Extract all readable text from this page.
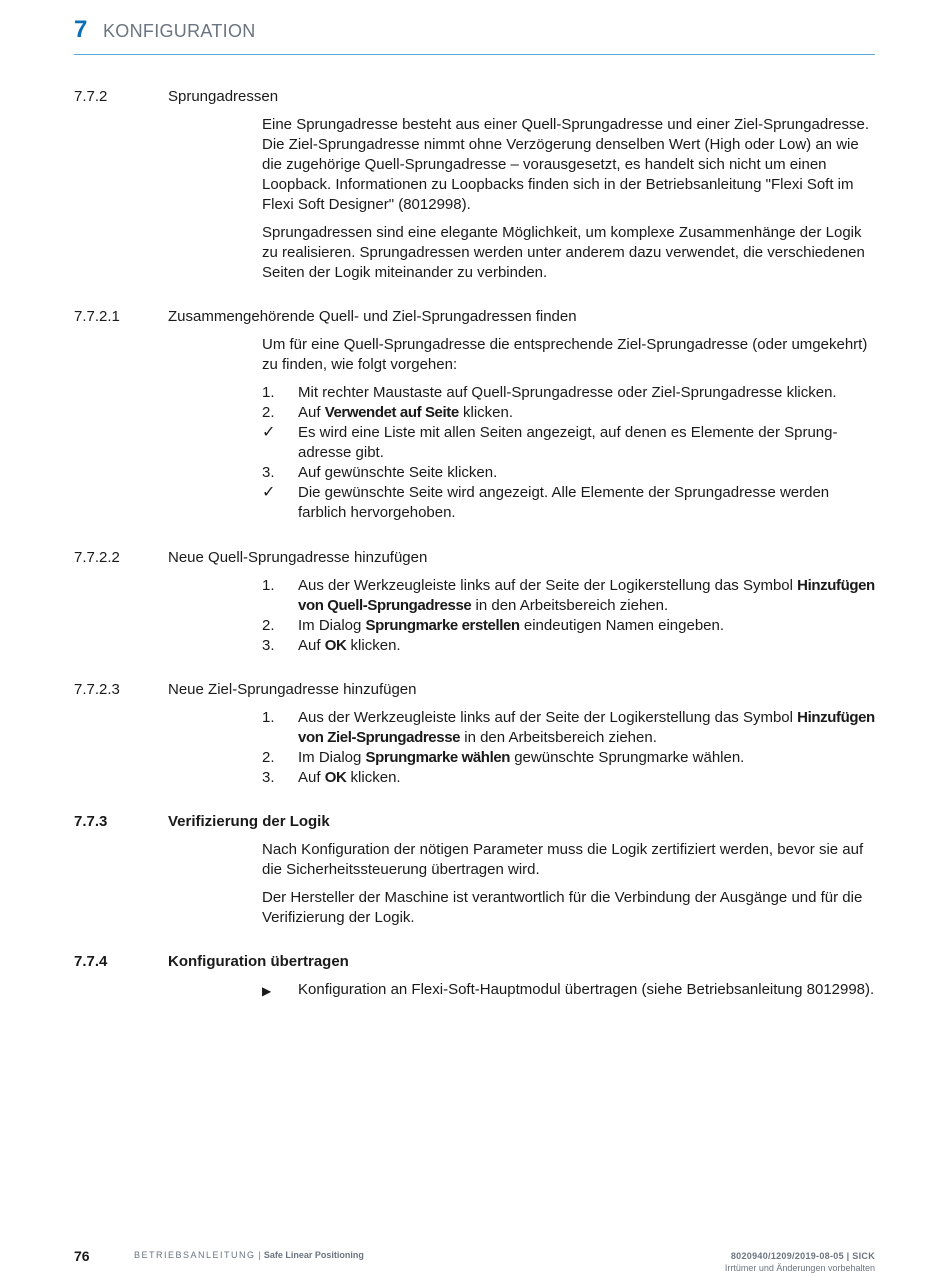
7 KONFIGURATION
7.7.2	Sprungadressen

Eine Sprungadresse besteht aus einer Quell-Sprungadresse und einer Ziel-Sprungadresse. Die Ziel-Sprungadresse nimmt ohne Verzögerung denselben Wert (High oder Low) an wie die zugehörige Quell-Sprungadresse – vorausgesetzt, es handelt sich nicht um einen Loopback. Informationen zu Loopbacks finden sich in der Betriebsanleitung "Flexi Soft im Flexi Soft Designer" (8012998).

Sprungadressen sind eine elegante Möglichkeit, um komplexe Zusammenhänge der Logik zu realisieren. Sprungadressen werden unter anderem dazu verwendet, die verschiedenen Seiten der Logik miteinander zu verbinden.

7.7.2.1	Zusammengehörende Quell- und Ziel-Sprungadressen finden

Um für eine Quell-Sprungadresse die entsprechende Ziel-Sprungadresse (oder umgekehrt) zu finden, wie folgt vorgehen:

1.	Mit rechter Maustaste auf Quell-Sprungadresse oder Ziel-Sprungadresse klicken.
2.	Auf Verwendet auf Seite klicken.
✓	Es wird eine Liste mit allen Seiten angezeigt, auf denen es Elemente der Sprungadresse gibt.
3.	Auf gewünschte Seite klicken.
✓	Die gewünschte Seite wird angezeigt. Alle Elemente der Sprungadresse werden farblich hervorgehoben.
7.7.2.2	Neue Quell-Sprungadresse hinzufügen
1.	Aus der Werkzeugleiste links auf der Seite der Logikerstellung das Symbol Hinzufügen von Quell-Sprungadresse in den Arbeitsbereich ziehen.
2.	Im Dialog Sprungmarke erstellen eindeutigen Namen eingeben.
3.	Auf OK klicken.
7.7.2.3	Neue Ziel-Sprungadresse hinzufügen
1.	Aus der Werkzeugleiste links auf der Seite der Logikerstellung das Symbol Hinzufügen von Ziel-Sprungadresse in den Arbeitsbereich ziehen.
2.	Im Dialog Sprungmarke wählen gewünschte Sprungmarke wählen.
3.	Auf OK klicken.
7.7.3	Verifizierung der Logik

Nach Konfiguration der nötigen Parameter muss die Logik zertifiziert werden, bevor sie auf die Sicherheitssteuerung übertragen wird.

Der Hersteller der Maschine ist verantwortlich für die Verbindung der Ausgänge und für die Verifizierung der Logik.

7.7.4	Konfiguration übertragen
▶	Konfiguration an Flexi-Soft-Hauptmodul übertragen (siehe Betriebsanleitung 8012998).
76	BETRIEBSANLEITUNG | Safe Linear Positioning	8020940/1209/2019-08-05 | SICK
Irrtümer und Änderungen vorbehalten
